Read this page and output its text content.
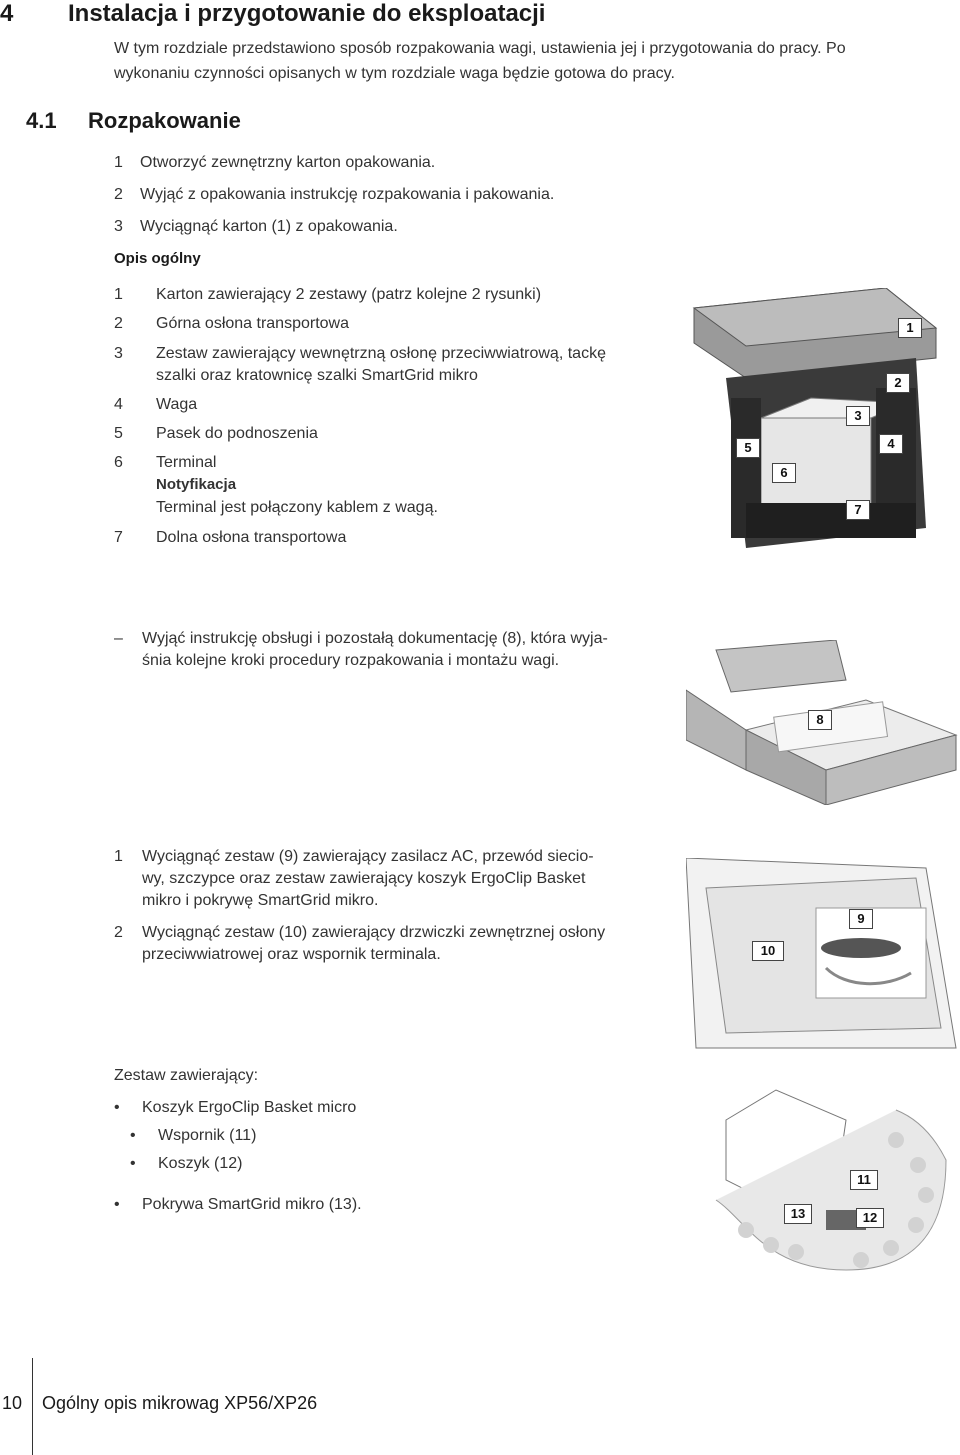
4 Instalacja i przygotowanie do eksploatacji
W tym rozdziale przedstawiono sposób rozpakowania wagi, ustawienia jej i przygotowania do pracy. Po
wykonaniu czynności opisanych w tym rozdziale waga będzie gotowa do pracy.
4.1 Rozpakowanie
1 Otworzyć zewnętrzny karton opakowania.
2 Wyjąć z opakowania instrukcję rozpakowania i pakowania.
3 Wyciągnąć karton (1) z opakowania.
Opis ogólny
1 Karton zawierający 2 zestawy (patrz kolejne 2 rysunki)
2 Górna osłona transportowa
3 Zestaw zawierający wewnętrzną osłonę przeciwwiatrową, tackę
szalki oraz kratownicę szalki SmartGrid mikro
4 Waga
5 Pasek do podnoszenia
6 Terminal
Notyfikacja
Terminal jest połączony kablem z wagą.
7 Dolna osłona transportowa
1
2
3
4
5
6
7
– Wyjąć instrukcję obsługi i pozostałą dokumentację (8), która wyja-
śnia kolejne kroki procedury rozpakowania i montażu wagi.
8
1 Wyciągnąć zestaw (9) zawierający zasilacz AC, przewód siecio-
wy, szczypce oraz zestaw zawierający koszyk ErgoClip Basket
mikro i pokrywę SmartGrid mikro.
2 Wyciągnąć zestaw (10) zawierający drzwiczki zewnętrznej osłony
przeciwwiatrowej oraz wspornik terminala.
9
10
Zestaw zawierający:
• Koszyk ErgoClip Basket micro
• Wspornik (11)
• Koszyk (12)
• Pokrywa SmartGrid mikro (13).
11
12
13
10 Ogólny opis mikrowag XP56/XP26
